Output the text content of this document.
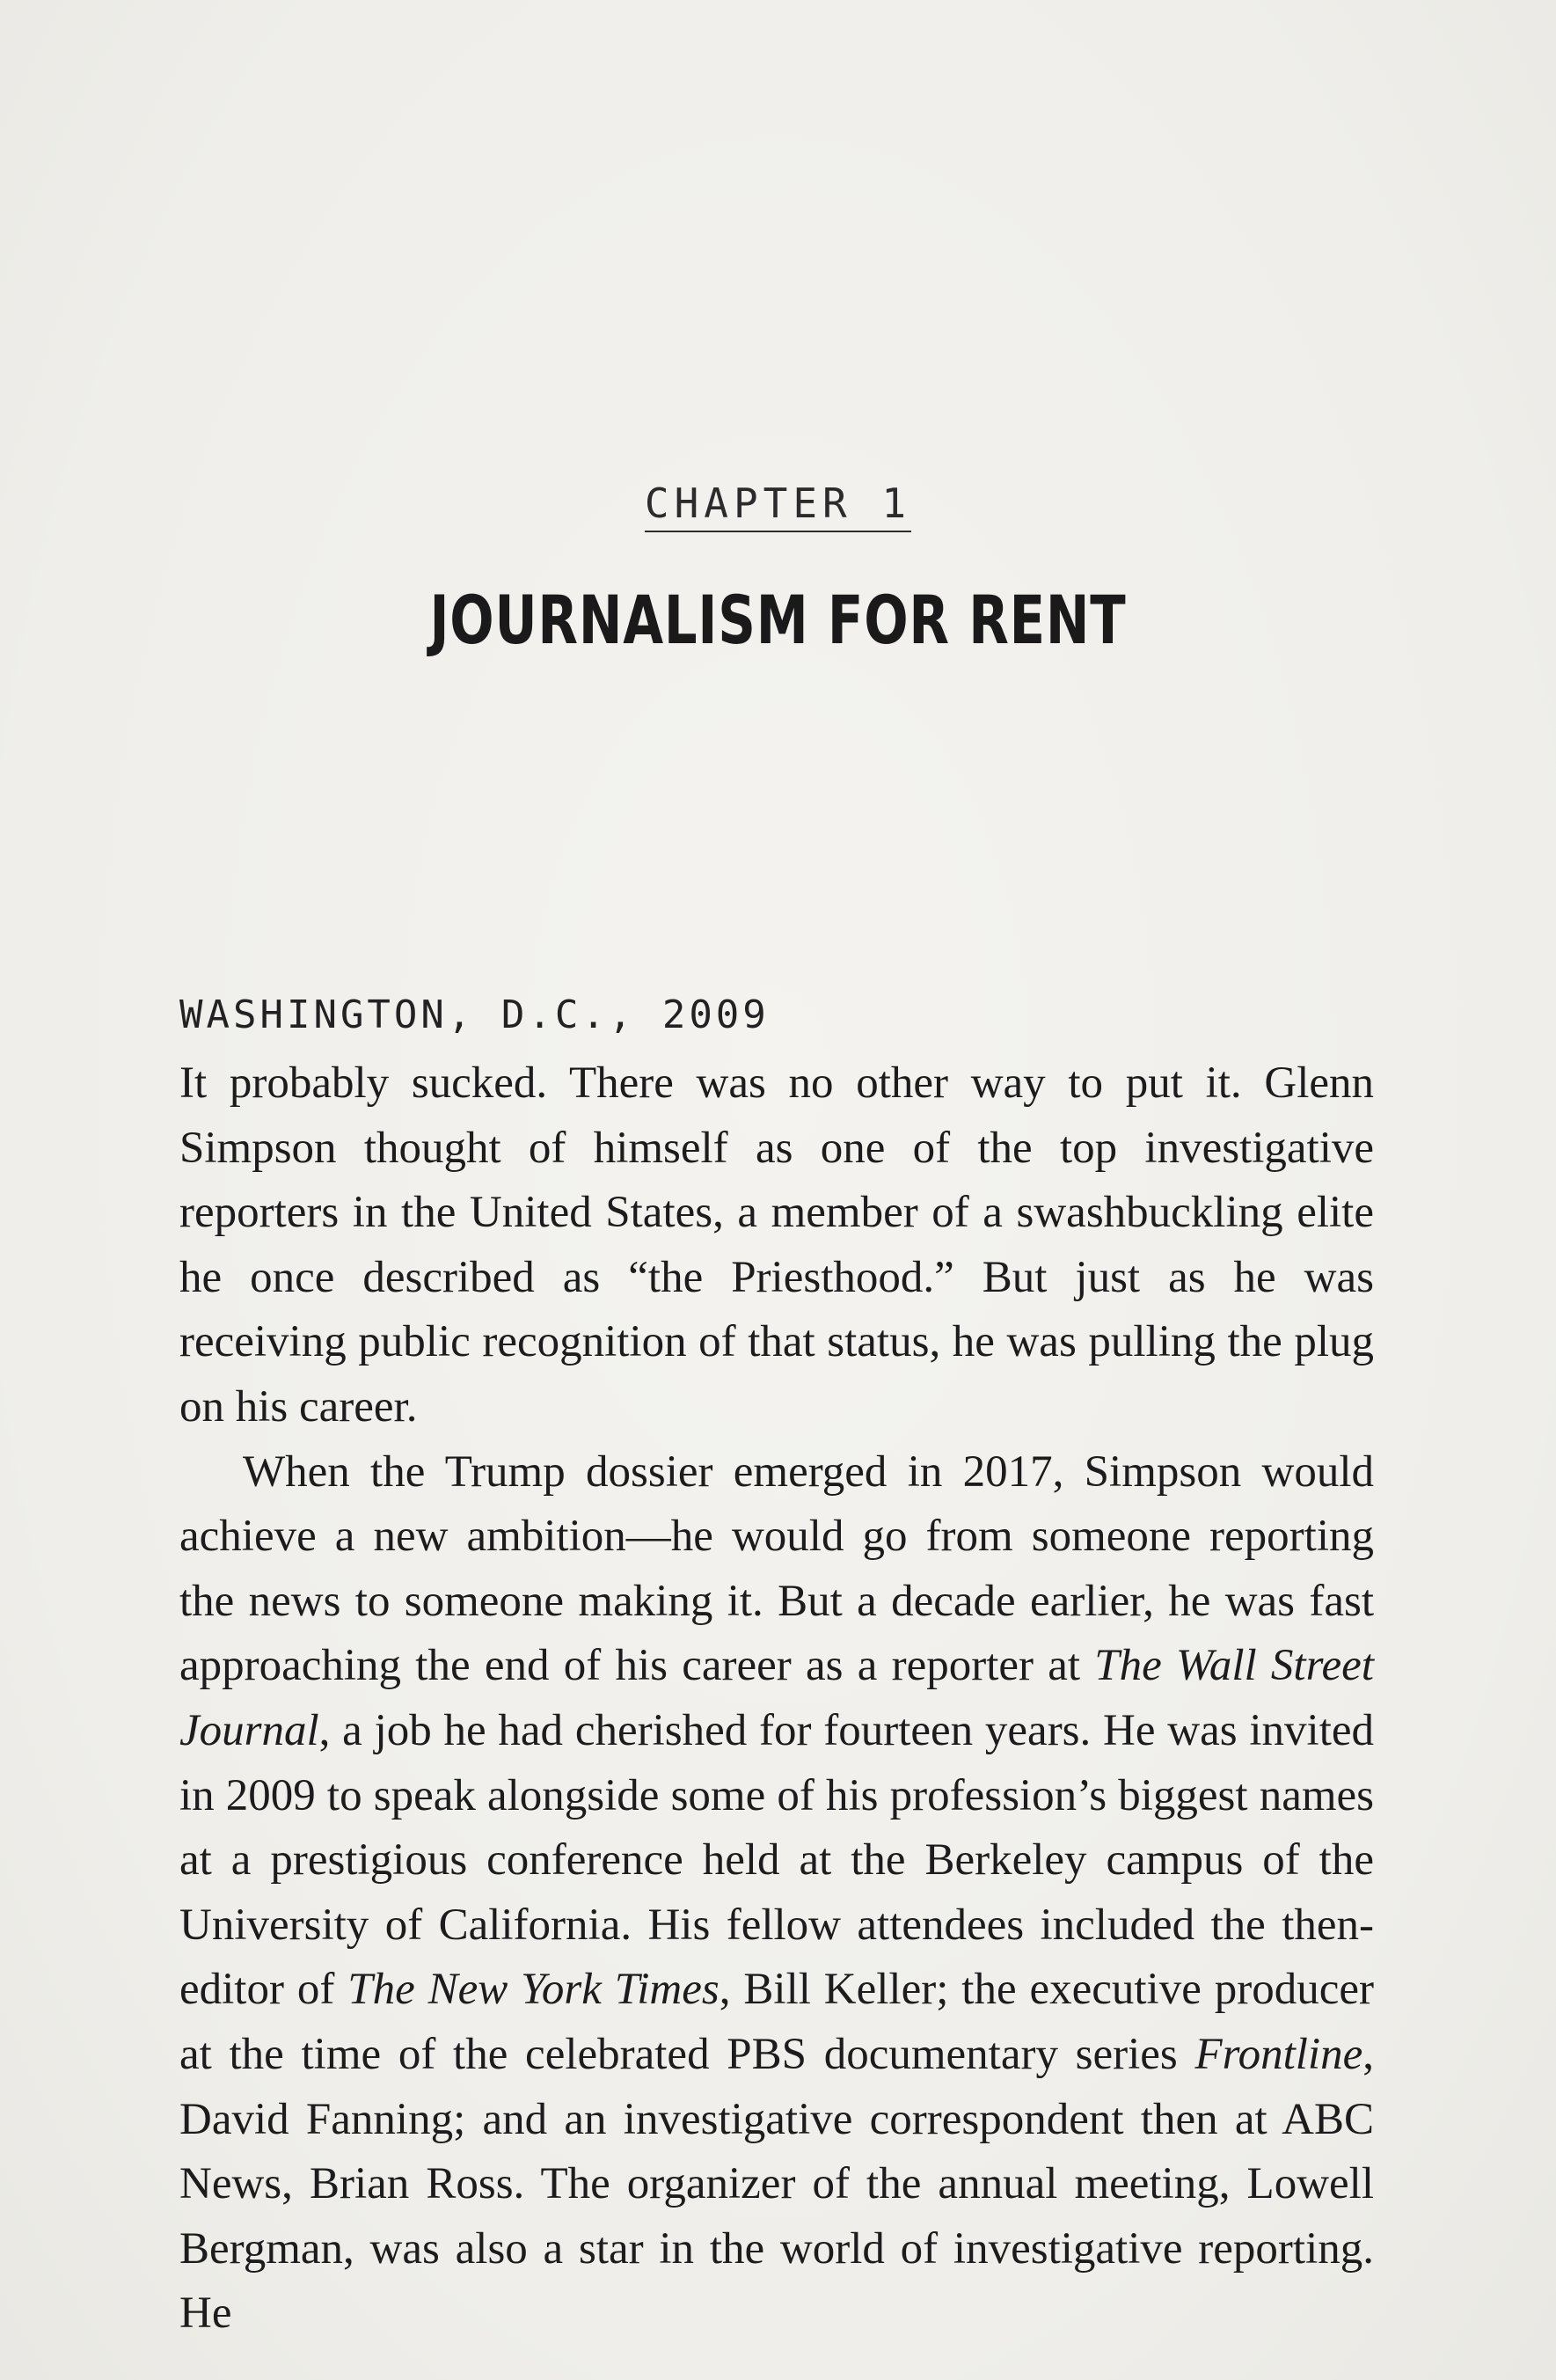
CHAPTER 1
JOURNALISM FOR RENT
WASHINGTON, D.C., 2009

It probably sucked. There was no other way to put it. Glenn Simpson thought of himself as one of the top investigative reporters in the United States, a member of a swashbuckling elite he once described as “the Priesthood.” But just as he was receiving public recognition of that status, he was pulling the plug on his career.

When the Trump dossier emerged in 2017, Simpson would achieve a new ambition—he would go from someone reporting the news to someone making it. But a decade earlier, he was fast approaching the end of his career as a reporter at The Wall Street Journal, a job he had cherished for fourteen years. He was invited in 2009 to speak alongside some of his profession’s biggest names at a prestigious conference held at the Berkeley campus of the University of California. His fellow attendees included the then-editor of The New York Times, Bill Keller; the executive producer at the time of the celebrated PBS documentary series Frontline, David Fanning; and an investigative correspondent then at ABC News, Brian Ross. The organizer of the annual meeting, Lowell Bergman, was also a star in the world of investigative reporting. He
